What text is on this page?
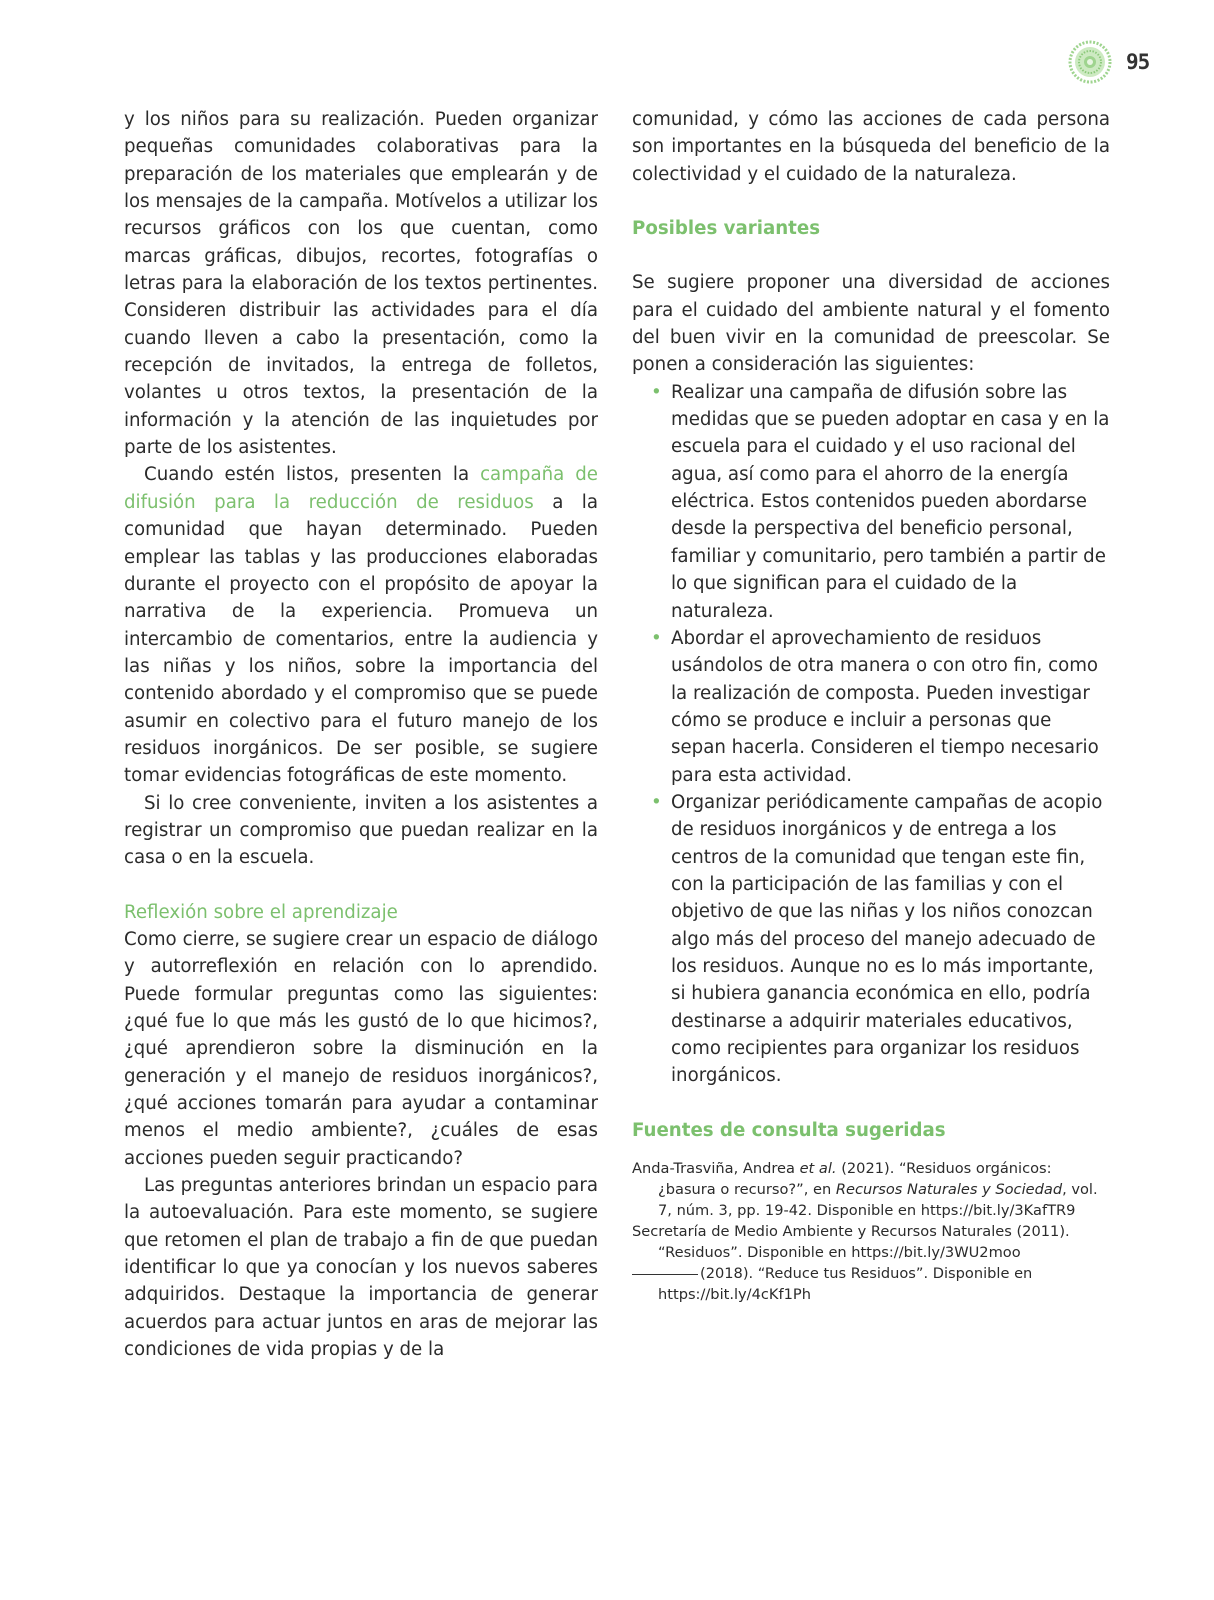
95

y los niños para su realización. Pueden organizar pequeñas comunidades colaborativas para la preparación de los materiales que emplearán y de los mensajes de la campaña. Motívelos a utilizar los recursos gráficos con los que cuentan, como marcas gráficas, dibujos, recortes, fotografías o letras para la elaboración de los textos pertinentes. Consideren distribuir las actividades para el día cuando lleven a cabo la presentación, como la recepción de invitados, la entrega de folletos, volantes u otros textos, la presentación de la información y la atención de las inquietudes por parte de los asistentes.

Cuando estén listos, presenten la campaña de difusión para la reducción de residuos a la comunidad que hayan determinado. Pueden emplear las tablas y las producciones elaboradas durante el proyecto con el propósito de apoyar la narrativa de la experiencia. Promueva un intercambio de comentarios, entre la audiencia y las niñas y los niños, sobre la importancia del contenido abordado y el compromiso que se puede asumir en colectivo para el futuro manejo de los residuos inorgánicos. De ser posible, se sugiere tomar evidencias fotográficas de este momento.

Si lo cree conveniente, inviten a los asistentes a registrar un compromiso que puedan realizar en la casa o en la escuela.

Reflexión sobre el aprendizaje

Como cierre, se sugiere crear un espacio de diálogo y autorreflexión en relación con lo aprendido. Puede formular preguntas como las siguientes: ¿qué fue lo que más les gustó de lo que hicimos?, ¿qué aprendieron sobre la disminución en la generación y el manejo de residuos inorgánicos?, ¿qué acciones tomarán para ayudar a contaminar menos el medio ambiente?, ¿cuáles de esas acciones pueden seguir practicando?

Las preguntas anteriores brindan un espacio para la autoevaluación. Para este momento, se sugiere que retomen el plan de trabajo a fin de que puedan identificar lo que ya conocían y los nuevos saberes adquiridos. Destaque la importancia de generar acuerdos para actuar juntos en aras de mejorar las condiciones de vida propias y de la

comunidad, y cómo las acciones de cada persona son importantes en la búsqueda del beneficio de la colectividad y el cuidado de la naturaleza.

Posibles variantes

Se sugiere proponer una diversidad de acciones para el cuidado del ambiente natural y el fomento del buen vivir en la comunidad de preescolar. Se ponen a consideración las siguientes:

• Realizar una campaña de difusión sobre las medidas que se pueden adoptar en casa y en la escuela para el cuidado y el uso racional del agua, así como para el ahorro de la energía eléctrica. Estos contenidos pueden abordarse desde la perspectiva del beneficio personal, familiar y comunitario, pero también a partir de lo que significan para el cuidado de la naturaleza.
• Abordar el aprovechamiento de residuos usándolos de otra manera o con otro fin, como la realización de composta. Pueden investigar cómo se produce e incluir a personas que sepan hacerla. Consideren el tiempo necesario para esta actividad.
• Organizar periódicamente campañas de acopio de residuos inorgánicos y de entrega a los centros de la comunidad que tengan este fin, con la participación de las familias y con el objetivo de que las niñas y los niños conozcan algo más del proceso del manejo adecuado de los residuos. Aunque no es lo más importante, si hubiera ganancia económica en ello, podría destinarse a adquirir materiales educativos, como recipientes para organizar los residuos inorgánicos.
Fuentes de consulta sugeridas
Anda-Trasviña, Andrea et al. (2021). “Residuos orgánicos: ¿basura o recurso?”, en Recursos Naturales y Sociedad, vol. 7, núm. 3, pp. 19-42. Disponible en https://bit.ly/3KafTR9
Secretaría de Medio Ambiente y Recursos Naturales (2011). “Residuos”. Disponible en https://bit.ly/3WU2moo
(2018). “Reduce tus Residuos”. Disponible en https://bit.ly/4cKf1Ph
